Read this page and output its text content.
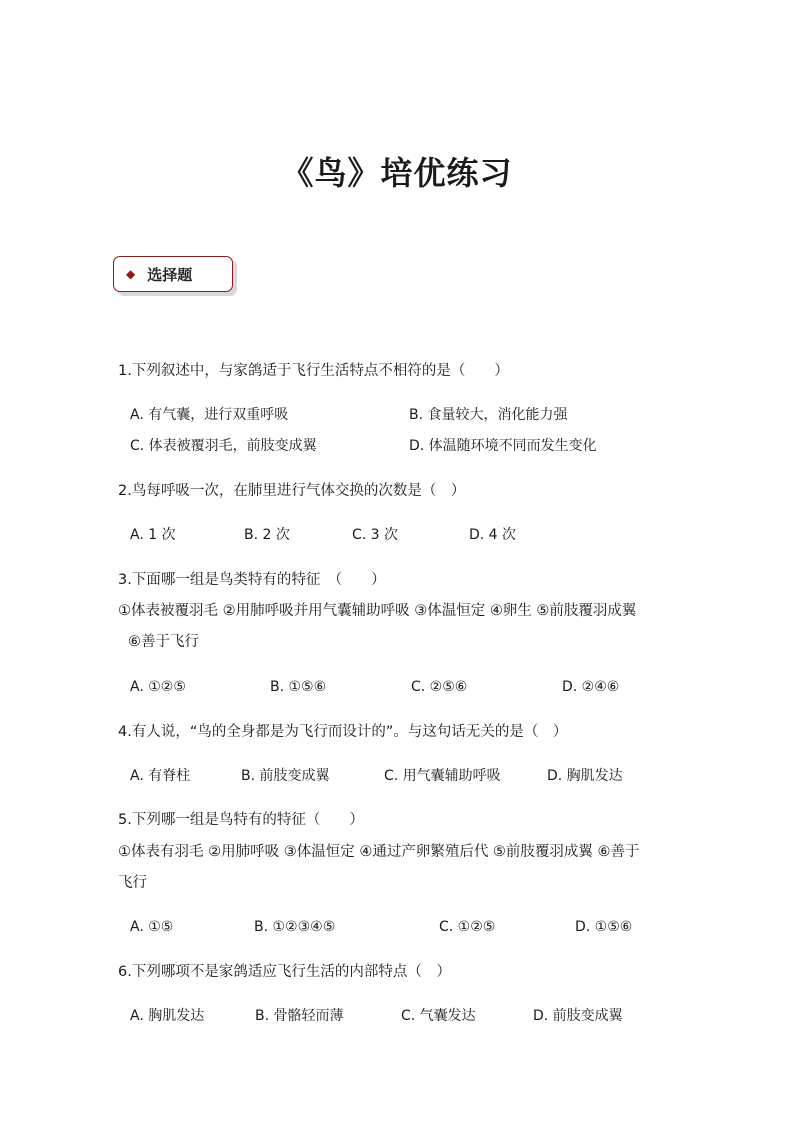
《鸟》培优练习
◆ 选择题
1.下列叙述中，与家鸽适于飞行生活特点不相符的是（　　）
A. 有气囊，进行双重呼吸	B. 食量较大，消化能力强
C. 体表被覆羽毛，前肢变成翼	D. 体温随环境不同而发生变化
2.鸟每呼吸一次，在肺里进行气体交换的次数是（　）
A. 1 次	B. 2 次	C. 3 次	D. 4 次
3.下面哪一组是鸟类特有的特征　（　　）
①体表被覆羽毛 ②用肺呼吸并用气囊辅助呼吸 ③体温恒定 ④卵生 ⑤前肢覆羽成翼
⑥善于飞行
A. ①②⑤	B. ①⑤⑥	C. ②⑤⑥	D. ②④⑥
4.有人说，“鸟的全身都是为飞行而设计的”。与这句话无关的是（　）
A. 有脊柱	B. 前肢变成翼	C. 用气囊辅助呼吸	D. 胸肌发达
5.下列哪一组是鸟特有的特征（　　）
①体表有羽毛 ②用肺呼吸 ③体温恒定 ④通过产卵繁殖后代 ⑤前肢覆羽成翼 ⑥善于
飞行
A. ①⑤	B. ①②③④⑤	C. ①②⑤	D. ①⑤⑥
6.下列哪项不是家鸽适应飞行生活的内部特点（　）
A. 胸肌发达	B. 骨骼轻而薄	C. 气囊发达	D. 前肢变成翼
